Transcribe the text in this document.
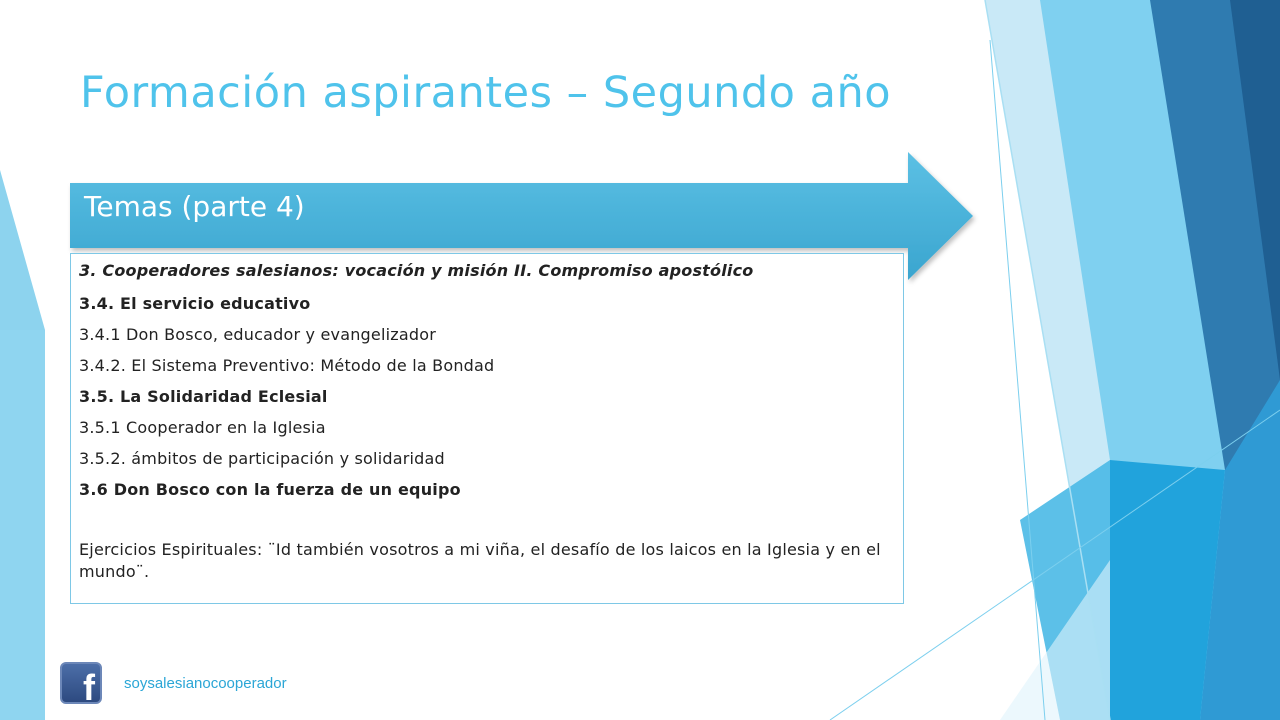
Formación aspirantes – Segundo año
Temas (parte 4)
3. Cooperadores salesianos: vocación y misión II. Compromiso apostólico
3.4. El servicio educativo
3.4.1 Don Bosco, educador y evangelizador
3.4.2. El Sistema Preventivo: Método de la Bondad
3.5. La Solidaridad Eclesial
3.5.1 Cooperador en la Iglesia
3.5.2. ámbitos de participación y solidaridad
3.6 Don Bosco con la fuerza de un equipo
Ejercicios Espirituales: ¨Id también vosotros a mi viña, el desafío de los laicos en la Iglesia y en el mundo¨.
f soysalesianocooperador
